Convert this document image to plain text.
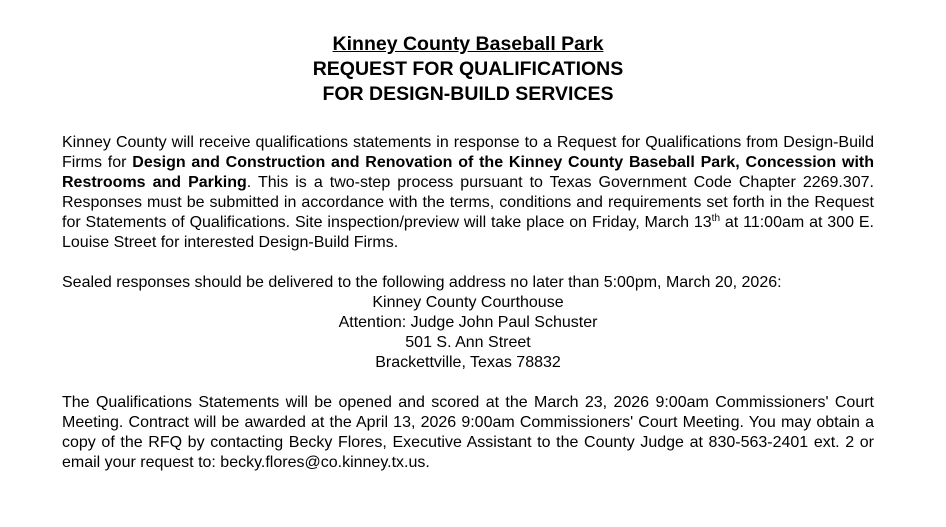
Kinney County Baseball Park
REQUEST FOR QUALIFICATIONS
FOR DESIGN-BUILD SERVICES
Kinney County will receive qualifications statements in response to a Request for Qualifications from Design-Build Firms for Design and Construction and Renovation of the Kinney County Baseball Park, Concession with Restrooms and Parking. This is a two-step process pursuant to Texas Government Code Chapter 2269.307. Responses must be submitted in accordance with the terms, conditions and requirements set forth in the Request for Statements of Qualifications. Site inspection/preview will take place on Friday, March 13th at 11:00am at 300 E. Louise Street for interested Design-Build Firms.
Sealed responses should be delivered to the following address no later than 5:00pm, March 20, 2026:
Kinney County Courthouse
Attention: Judge John Paul Schuster
501 S. Ann Street
Brackettville, Texas 78832
The Qualifications Statements will be opened and scored at the March 23, 2026 9:00am Commissioners' Court Meeting. Contract will be awarded at the April 13, 2026 9:00am Commissioners' Court Meeting. You may obtain a copy of the RFQ by contacting Becky Flores, Executive Assistant to the County Judge at 830-563-2401 ext. 2 or email your request to: becky.flores@co.kinney.tx.us.
